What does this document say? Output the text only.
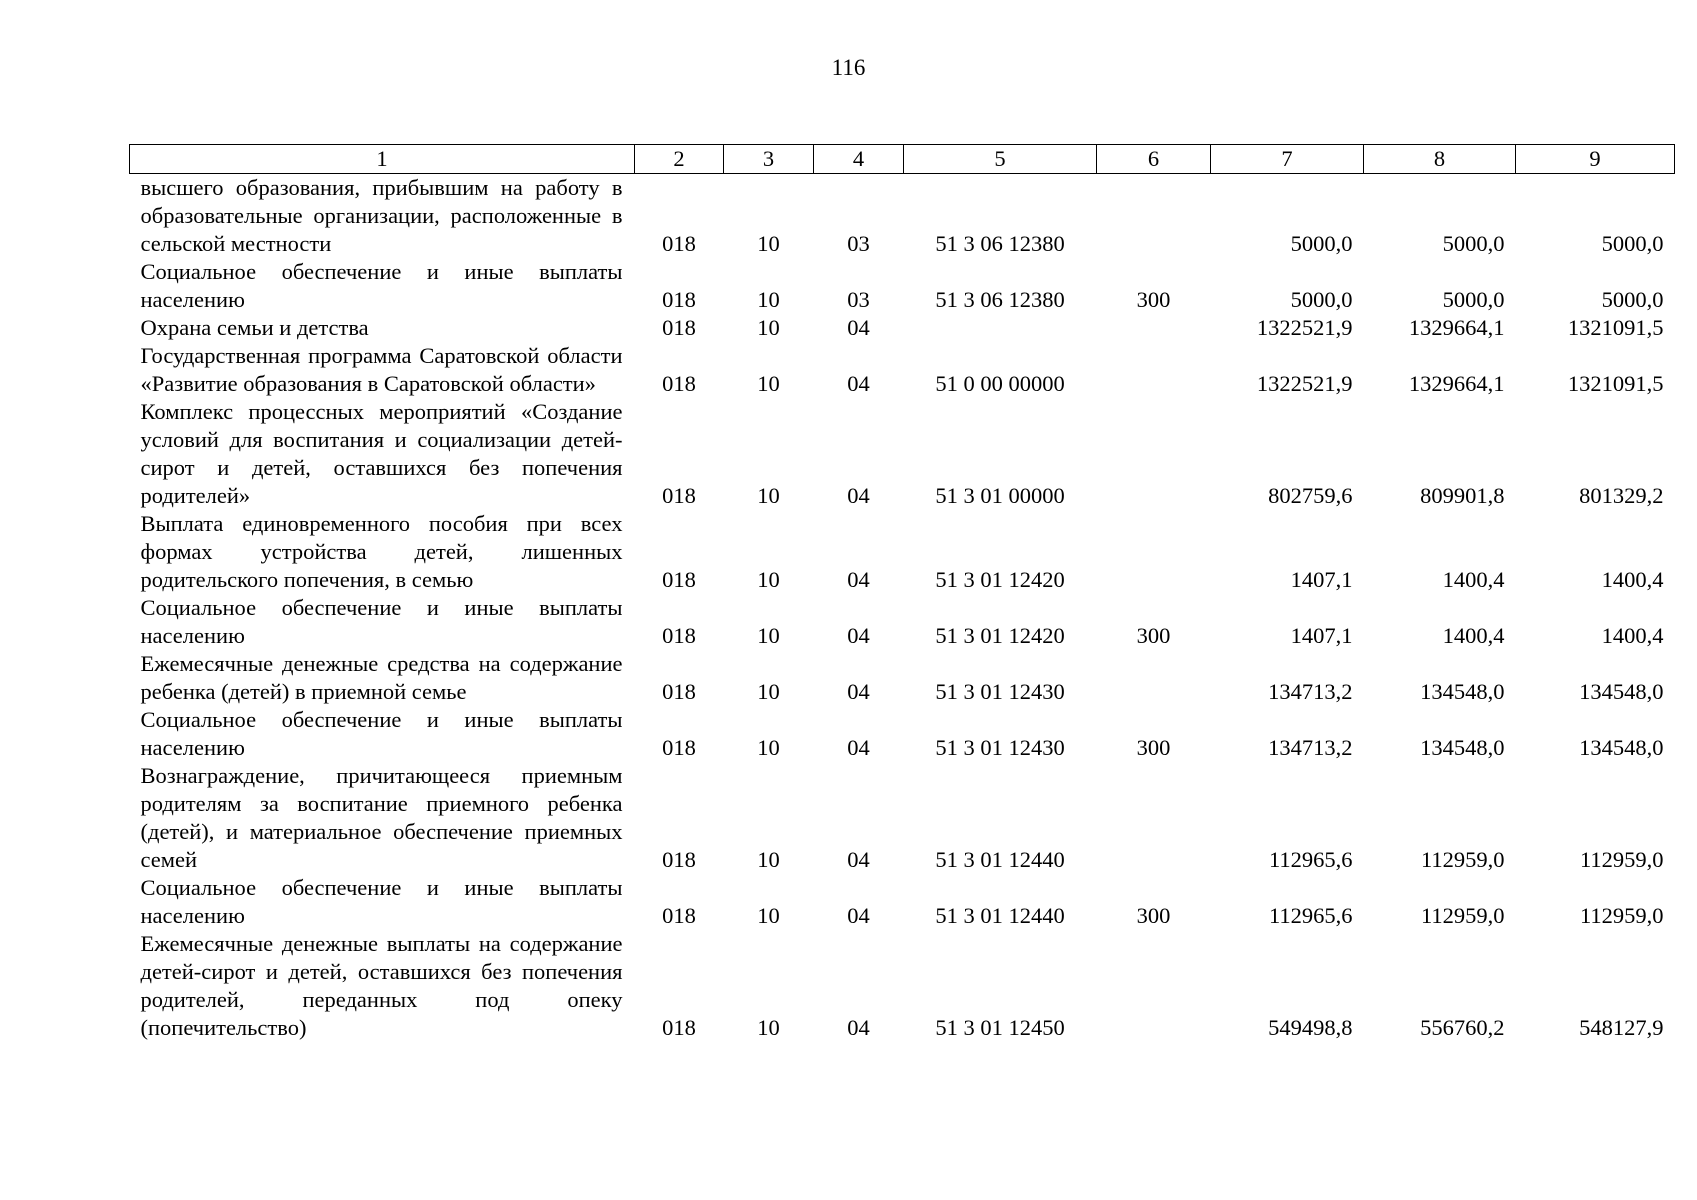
116
1	2	3	4	5	6	7	8	9
высшего образования, прибывшим на работу в образовательные организации, расположенные в сельской местности	018	10	03	51 3 06 12380		5000,0	5000,0	5000,0
Социальное обеспечение и иные выплаты населению	018	10	03	51 3 06 12380	300	5000,0	5000,0	5000,0
Охрана семьи и детства	018	10	04			1322521,9	1329664,1	1321091,5
Государственная программа Саратовской области «Развитие образования в Саратовской области»	018	10	04	51 0 00 00000		1322521,9	1329664,1	1321091,5
Комплекс процессных мероприятий «Создание условий для воспитания и социализации детей-сирот и детей, оставшихся без попечения родителей»	018	10	04	51 3 01 00000		802759,6	809901,8	801329,2
Выплата единовременного пособия при всех формах устройства детей, лишенных родительского попечения, в семью	018	10	04	51 3 01 12420		1407,1	1400,4	1400,4
Социальное обеспечение и иные выплаты населению	018	10	04	51 3 01 12420	300	1407,1	1400,4	1400,4
Ежемесячные денежные средства на содержание ребенка (детей) в приемной семье	018	10	04	51 3 01 12430		134713,2	134548,0	134548,0
Социальное обеспечение и иные выплаты населению	018	10	04	51 3 01 12430	300	134713,2	134548,0	134548,0
Вознаграждение, причитающееся приемным родителям за воспитание приемного ребенка (детей), и материальное обеспечение приемных семей	018	10	04	51 3 01 12440		112965,6	112959,0	112959,0
Социальное обеспечение и иные выплаты населению	018	10	04	51 3 01 12440	300	112965,6	112959,0	112959,0
Ежемесячные денежные выплаты на содержание детей-сирот и детей, оставшихся без попечения родителей, переданных под опеку (попечительство)	018	10	04	51 3 01 12450		549498,8	556760,2	548127,9
